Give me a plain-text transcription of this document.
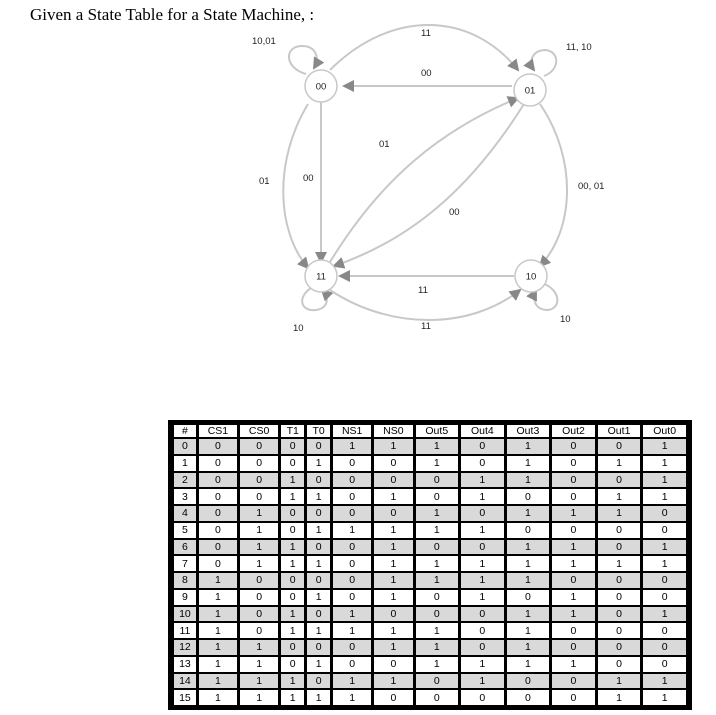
Given a State Table for a State Machine, :
00	01
11	10
10,01
11, 10
10
10
11
00
01
00
01	00
00, 01
11
11
#	CS1	CS0	T1	T0	NS1	NS0	Out5	Out4	Out3	Out2	Out1	Out0
0	0	0	0	0	1	1	1	0	1	0	0	1
1	0	0	0	1	0	0	1	0	1	0	1	1
2	0	0	1	0	0	0	0	1	1	0	0	1
3	0	0	1	1	0	1	0	1	0	0	1	1
4	0	1	0	0	0	0	1	0	1	1	1	0
5	0	1	0	1	1	1	1	1	0	0	0	0
6	0	1	1	0	0	1	0	0	1	1	0	1
7	0	1	1	1	0	1	1	1	1	1	1	1
8	1	0	0	0	0	1	1	1	1	0	0	0
9	1	0	0	1	0	1	0	1	0	1	0	0
10	1	0	1	0	1	0	0	0	1	1	0	1
11	1	0	1	1	1	1	1	0	1	0	0	0
12	1	1	0	0	0	1	1	0	1	0	0	0
13	1	1	0	1	0	0	1	1	1	1	0	0
14	1	1	1	0	1	1	0	1	0	0	1	1
15	1	1	1	1	1	0	0	0	0	0	1	1
